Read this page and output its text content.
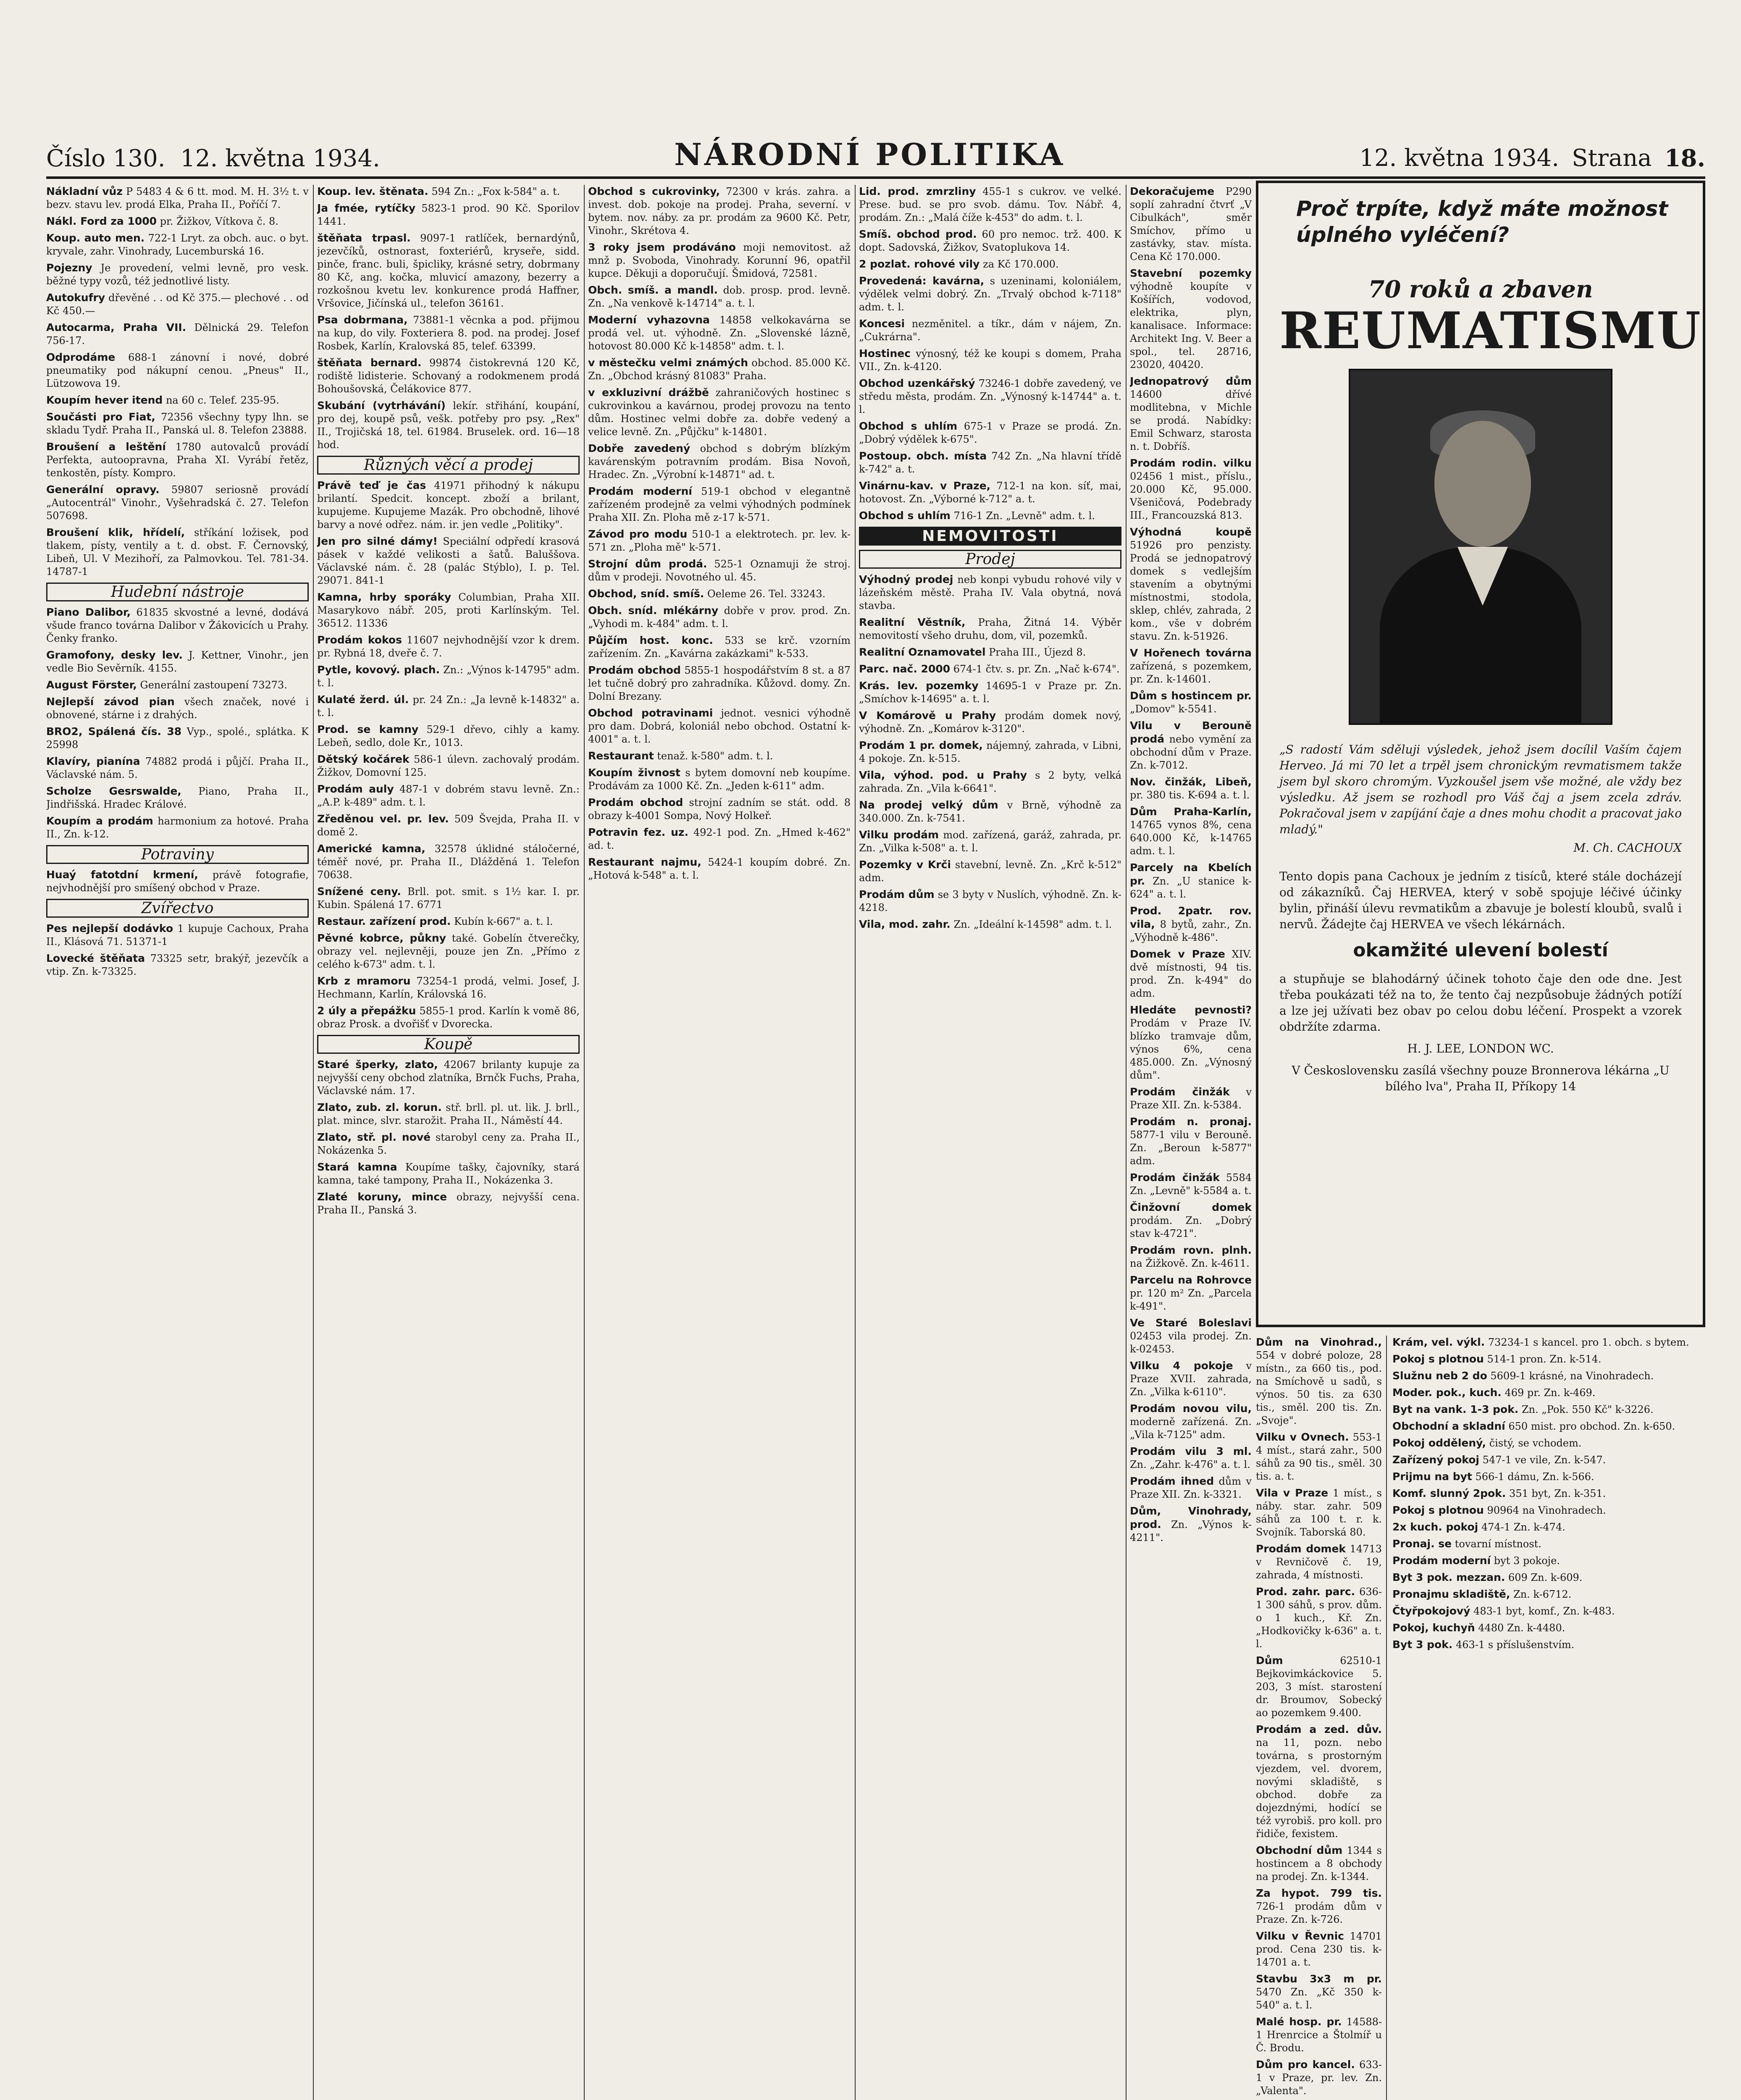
Číslo 130. 12. května 1934.	NÁRODNÍ POLITIKA	12. května 1934. Strana 18.

Nákladní vůz P 5483 4 & 6 tt. mod. M. H. 3½ t. v bezv. stavu lev. prodá Elka, Praha II., Poříčí 7.

Nákl. Ford za 1000 pr. Žižkov, Vítkova č. 8.

Koup. auto men. 722-1 Lryt. za obch. auc. o byt. kryvale, zahr. Vinohrady, Lucemburská 16.

Pojezny Je provedení, velmi levně, pro vesk. běžné typy vozů, též jednotlivé listy.

Autokufry dřevěné . . od Kč 375.— plechové . . od Kč 450.—

Autocarma, Praha VII. Dělnická 29. Telefon 756-17.

Odprodáme 688-1 zánovní i nové, dobré pneumatiky pod nákupní cenou. „Pneus" II., Lützowova 19.

Koupím hever itend na 60 c. Telef. 235-95.

Součásti pro Fiat, 72356 všechny typy lhn. se skladu Tydř. Praha II., Panská ul. 8. Telefon 23888.

Broušení a leštění 1780 autovalců provádí Perfekta, autoopravna, Praha XI. Vyrábí řetěz, tenkostěn, písty. Kompro.

Generální opravy. 59807 seriosně provádí „Autocentrál" Vinohr., Vyšehradská č. 27. Telefon 507698.

Broušení klik, hřídelí, stříkání ložisek, pod tlakem, písty, ventily a t. d. obst. F. Černovský, Libeň, Ul. V Mezihoří, za Palmovkou. Tel. 781-34. 14787-1

Hudební nástroje

Piano Dalibor, 61835 skvostné a levné, dodává všude franco továrna Dalibor v Žákovicích u Prahy. Čenky franko.

Gramofony, desky lev. J. Kettner, Vinohr., jen vedle Bio Sevěrník. 4155.

August Förster, Generální zastoupení 73273.

Nejlepší závod pian všech značek, nové i obnovené, stárne i z drahých.

BRO2, Spálená čís. 38 Vyp., spolé., splátka. K 25998

Klavíry, pianína 74882 prodá i půjčí. Praha II., Václavské nám. 5.

Scholze Gesrswalde, Piano, Praha II., Jindřišská. Hradec Králové.

Koupím a prodám harmonium za hotové. Praha II., Zn. k-12.

Potraviny

Huaý fatotdní krmení, právě fotografie, nejvhodnější pro smíšený obchod v Praze.

Zvířectvo

Pes nejlepší dodávko 1 kupuje Cachoux, Praha II., Klásová 71. 51371-1

Lovecké štěňata 73325 setr, brakýř, jezevčík a vtip. Zn. k-73325.

Koup. lev. štěnata. 594 Zn.: „Fox k-584" a. t.

Ja fmée, rytíčky 5823-1 prod. 90 Kč. Sporilov 1441.

štěňata trpasl. 9097-1 ratlíček, bernardýnů, jezevčíků, ostnorast, foxteriérů, kryseře, sidd. pinče, franc. buli, špicliky, krásné setry, dobrmany 80 Kč, ang. kočka, mluvicí amazony, bezerry a rozkošnou kvetu lev. konkurence prodá Haffner, Vršovice, Jičínská ul., telefon 36161.

Psa dobrmana, 73881-1 věcnka a pod. přijmou na kup, do vily. Foxteriera 8. pod. na prodej. Josef Rosbek, Karlín, Kralovská 85, telef. 63399.

štěňata bernard. 99874 čistokrevná 120 Kč, rodiště lidisterie. Schovaný a rodokmenem prodá Bohoušovská, Čelákovice 877.

Skubání (vytrhávání) lekír. střihání, koupání, pro dej, koupě psů, vešk. potřeby pro psy. „Rex" II., Trojičská 18, tel. 61984. Bruselek. ord. 16—18 hod.

Různých věcí a prodej

Právě teď je čas 41971 přihodný k nákupu brilantí. Spedcit. koncept. zboží a brilant, kupujeme. Kupujeme Mazák. Pro obchodně, lihové barvy a nové odřez. nám. ir. jen vedle „Politiky".

Jen pro silné dámy! Speciální odpředí krasová pásek v každé velikosti a šatů. Baluššova. Václavské nám. č. 28 (palác Stýblo), I. p. Tel. 29071. 841-1

Kamna, hrby sporáky Columbian, Praha XII. Masarykovo nábř. 205, proti Karlínským. Tel. 36512. 11336

Prodám kokos 11607 nejvhodnější vzor k drem. pr. Rybná 18, dveře č. 7.

Pytle, kovový. plach. Zn.: „Výnos k-14795" adm. t. l.

Kulaté žerd. úl. pr. 24 Zn.: „Ja levně k-14832" a. t. l.

Prod. se kamny 529-1 dřevo, cihly a kamy. Lebeň, sedlo, dole Kr., 1013.

Dětský kočárek 586-1 úlevn. zachovalý prodám. Žižkov, Domovní 125.

Prodám auly 487-1 v dobrém stavu levně. Zn.: „A.P. k-489" adm. t. l.

Zředěnou vel. pr. lev. 509 Švejda, Praha II. v domě 2.

Americké kamna, 32578 úklidné stáločerné, téměř nové, pr. Praha II., Dlážděná 1. Telefon 70638.

Snížené ceny. Brll. pot. smit. s 1½ kar. I. pr. Kubin. Spálená 17. 6771

Restaur. zařízení prod. Kubín k-667" a. t. l.

Pěvné kobrce, půkny také. Gobelín čtverečky, obrazy vel. nejlevněji, pouze jen Zn. „Přímo z celého k-673" adm. t. l.

Krb z mramoru 73254-1 prodá, velmi. Josef, J. Hechmann, Karlín, Královská 16.

2 úly a přepážku 5855-1 prod. Karlín k vomě 86, obraz Prosk. a dvořišť v Dvorecka.

Koupě

Staré šperky, zlato, 42067 brilanty kupuje za nejvyšší ceny obchod zlatníka, Brnčk Fuchs, Praha, Václavské nám. 17.

Zlato, zub. zl. korun. stř. brll. pl. ut. lik. J. brll., plat. mince, slvr. starožit. Praha II., Náměstí 44.

Zlato, stř. pl. nové starobyl ceny za. Praha II., Nokázenka 5.

Stará kamna Koupíme tašky, čajovníky, stará kamna, také tampony, Praha II., Nokázenka 3.

Zlaté koruny, mince obrazy, nejvyšší cena. Praha II., Panská 3.

Obchod s cukrovinky, 72300 v krás. zahra. a invest. dob. pokoje na prodej. Praha, severní. v bytem. nov. náby. za pr. prodám za 9600 Kč. Petr, Vinohr., Skrétova 4.

3 roky jsem prodáváno moji nemovitost. až mnž p. Svoboda, Vinohrady. Korunní 96, opatřil kupce. Děkuji a doporučují. Šmidová, 72581.

Obch. smíš. a mandl. dob. prosp. prod. levně. Zn. „Na venkově k-14714" a. t. l.

Moderní vyhazovna 14858 velkokavárna se prodá vel. ut. výhodně. Zn. „Slovenské lázně, hotovost 80.000 Kč k-14858" adm. t. l.

v městečku velmi známých obchod. 85.000 Kč. Zn. „Obchod krásný 81083" Praha.

v exkluzivní drážbě zahraničových hostinec s cukrovinkou a kavárnou, prodej provozu na tento dům. Hostinec velmi dobře za. dobře vedený a velice levně. Zn. „Půjčku" k-14801.

Dobře zavedený obchod s dobrým blízkým kavárenským potravním prodám. Bisa Novoň, Hradec. Zn. „Výrobní k-14871" ad. t.

Prodám moderní 519-1 obchod v elegantně zařízeném prodejně za velmi výhodných podmínek Praha XII. Zn. Ploha mě z-17 k-571.

Závod pro modu 510-1 a elektrotech. pr. lev. k-571 zn. „Ploha mě" k-571.

Strojní dům prodá. 525-1 Oznamuji že stroj. dům v prodeji. Novotného ul. 45.

Obchod, sníd. smíš. Oeleme 26. Tel. 33243.

Obch. sníd. mlékárny dobře v prov. prod. Zn. „Vyhodi m. k-484" adm. t. l.

Půjčím host. konc. 533 se krč. vzorním zařízením. Zn. „Kavárna zakázkami" k-533.

Prodám obchod 5855-1 hospodářstvím 8 st. a 87 let tučně dobrý pro zahradníka. Kůžovd. domy. Zn. Dolní Brezany.

Obchod potravinami jednot. vesnici výhodně pro dam. Dobrá, koloniál nebo obchod. Ostatní k-4001" a. t. l.

Restaurant tenaž. k-580" adm. t. l.

Koupím živnost s bytem domovní neb koupíme. Prodávám za 1000 Kč. Zn. „Jeden k-611" adm.

Prodám obchod strojní zadním se stát. odd. 8 obrazy k-4001 Sompa, Nový Holkeř.

Potravin fez. uz. 492-1 pod. Zn. „Hmed k-462" ad. t.

Restaurant najmu, 5424-1 koupím dobré. Zn. „Hotová k-548" a. t. l.

Lid. prod. zmrzliny 455-1 s cukrov. ve velké. Prese. bud. se pro svob. dámu. Tov. Nábř. 4, prodám. Zn.: „Malá číže k-453" do adm. t. l.

Smíš. obchod prod. 60 pro nemoc. trž. 400. K dopt. Sadovská, Žižkov, Svatoplukova 14.

2 pozlat. rohové vily za Kč 170.000.

Provedená: kavárna, s uzeninami, koloniálem, výdělek velmi dobrý. Zn. „Trvalý obchod k-7118" adm. t. l.

Koncesi nezměnitel. a tíkr., dám v nájem, Zn. „Cukrárna".

Hostinec výnosný, též ke koupi s domem, Praha VII., Zn. k-4120.

Obchod uzenkářský 73246-1 dobře zavedený, ve středu města, prodám. Zn. „Výnosný k-14744" a. t. l.

Obchod s uhlím 675-1 v Praze se prodá. Zn. „Dobrý výdělek k-675".

Postoup. obch. místa 742 Zn. „Na hlavní třídě k-742" a. t.

Vinárnu-kav. v Praze, 712-1 na kon. síť, mai, hotovost. Zn. „Výborné k-712" a. t.

Obchod s uhlím 716-1 Zn. „Levně" adm. t. l.

NEMOVITOSTI
Prodej

Výhodný prodej neb konpi vybudu rohové vily v lázeňském městě. Praha IV. Vala obytná, nová stavba.

Realitní Věstník, Praha, Žitná 14. Výběr nemovitostí všeho druhu, dom, vil, pozemků.

Realitní Oznamovatel Praha III., Újezd 8.

Parc. nač. 2000 674-1 čtv. s. pr. Zn. „Nač k-674".

Krás. lev. pozemky 14695-1 v Praze pr. Zn. „Smíchov k-14695" a. t. l.

V Komárově u Prahy prodám domek nový, výhodně. Zn. „Komárov k-3120".

Prodám 1 pr. domek, nájemný, zahrada, v Libni, 4 pokoje. Zn. k-515.

Vila, výhod. pod. u Prahy s 2 byty, velká zahrada. Zn. „Vila k-6641".

Na prodej velký dům v Brně, výhodně za 340.000. Zn. k-7541.

Vilku prodám mod. zařízená, garáž, zahrada, pr. Zn. „Vilka k-508" a. t. l.

Pozemky v Krči stavební, levně. Zn. „Krč k-512" adm.

Prodám dům se 3 byty v Nuslích, výhodně. Zn. k-4218.

Vila, mod. zahr. Zn. „Ideální k-14598" adm. t. l.

Dekoračujeme P290 soplí zahradní čtvrť „V Cibulkách", směr Smíchov, přímo u zastávky, stav. místa. Cena Kč 170.000.

Stavební pozemky výhodně koupíte v Košířích, vodovod, elektrika, plyn, kanalisace. Informace: Architekt Ing. V. Beer a spol., tel. 28716, 23020, 40420.

Jednopatrový dům 14600 dřívé modlitebna, v Michle se prodá. Nabídky: Emil Schwarz, starosta n. t. Dobříš.

Prodám rodin. vilku 02456 1 mist., příslu., 20.000 Kč, 95.000. Všeničová, Podebrady III., Francouzská 813.

Výhodná koupě 51926 pro penzisty. Prodá se jednopatrový domek s vedlejším stavením a obytnými místnostmi, stodola, sklep, chlév, zahrada, 2 kom., vše v dobrém stavu. Zn. k-51926.

V Hořenech továrna zařízená, s pozemkem, pr. Zn. k-14601.

Dům s hostincem pr. „Domov" k-5541.

Vilu v Berouně prodá nebo vymění za obchodní dům v Praze. Zn. k-7012.

Nov. činžák, Libeň, pr. 380 tis. K-694 a. t. l.

Dům Praha-Karlín, 14765 vynos 8%, cena 640.000 Kč, k-14765 adm. t. l.

Parcely na Kbelích pr. Zn. „U stanice k-624" a. t. l.

Prod. 2patr. rov. vila, 8 bytů, zahr., Zn. „Výhodně k-486".

Domek v Praze XIV. dvě místnosti, 94 tis. prod. Zn. k-494" do adm.

Hledáte pevnosti? Prodám v Praze IV. blízko tramvaje dům, výnos 6%, cena 485.000. Zn. „Výnosný dům".

Prodám činžák v Praze XII. Zn. k-5384.

Prodám n. pronaj. 5877-1 vilu v Berouně. Zn. „Beroun k-5877" adm.

Prodám činžák 5584 Zn. „Levně" k-5584 a. t.

Činžovní domek prodám. Zn. „Dobrý stav k-4721".

Prodám rovn. plnh. na Žižkově. Zn. k-4611.

Parcelu na Rohrovce pr. 120 m² Zn. „Parcela k-491".

Ve Staré Boleslavi 02453 vila prodej. Zn. k-02453.

Vilku 4 pokoje v Praze XVII. zahrada, Zn. „Vilka k-6110".

Prodám novou vilu, moderně zařízená. Zn. „Vila k-7125" adm.

Prodám vilu 3 ml. Zn. „Zahr. k-476" a. t. l.

Prodám ihned dům v Praze XII. Zn. k-3321.

Dům, Vinohrady, prod. Zn. „Výnos k-4211".

Proč trpíte, když máte možnost úplného vyléčení?
70 roků a zbaven
REUMATISMU
„S radostí Vám sděluji výsledek, jehož jsem docílil Vaším čajem Herveo. Já mi 70 let a trpěl jsem chronickým revmatismem takže jsem byl skoro chromým. Vyzkoušel jsem vše možné, ale vždy bez výsledku. Až jsem se rozhodl pro Váš čaj a jsem zcela zdráv. Pokračoval jsem v zapíjání čaje a dnes mohu chodit a pracovat jako mladý."
M. Ch. CACHOUX
Tento dopis pana Cachoux je jedním z tisíců, které stále docházejí od zákazníků. Čaj HERVEA, který v sobě spojuje léčivé účinky bylin, přináší úlevu revmatikům a zbavuje je bolestí kloubů, svalů i nervů. Žádejte čaj HERVEA ve všech lékárnách.
okamžité ulevení bolestí
a stupňuje se blahodárný účinek tohoto čaje den ode dne. Jest třeba poukázati též na to, že tento čaj nezpůsobuje žádných potíží a lze jej užívati bez obav po celou dobu léčení. Prospekt a vzorek obdržíte zdarma.
H. J. LEE, LONDON WC.
V Československu zasílá všechny pouze Bronnerova lékárna „U bílého lva", Praha II, Příkopy 14

Dům na Vinohrad., 554 v dobré poloze, 28 místn., za 660 tis., pod. na Smíchově u sadů, s výnos. 50 tis. za 630 tis., směl. 200 tis. Zn. „Svoje".

Vilku v Ovnech. 553-1 4 míst., stará zahr., 500 sáhů za 90 tis., směl. 30 tis. a. t.

Vila v Praze 1 míst., s náby. star. zahr. 509 sáhů za 100 t. r. k. Svojník. Taborská 80.

Prodám domek 14713 v Revničově č. 19, zahrada, 4 místnosti.

Prod. zahr. parc. 636-1 300 sáhů, s prov. dům. o 1 kuch., Kř. Zn. „Hodkovičky k-636" a. t. l.

Dům 62510-1 Bejkovimkáckovice 5. 203, 3 míst. starostení dr. Broumov, Sobecký ao pozemkem 9.400.

Prodám a zed. dův. na 11, pozn. nebo továrna, s prostorným vjezdem, vel. dvorem, novými skladiště, s obchod. dobře za dojezdnými, hodící se též vyrobiš. pro koll. pro řidiče, fexistem.

Obchodní dům 1344 s hostincem a 8 obchody na prodej. Zn. k-1344.

Za hypot. 799 tis. 726-1 prodám dům v Praze. Zn. k-726.

Vilku v Řevnic 14701 prod. Cena 230 tis. k-14701 a. t.

Stavbu 3x3 m pr. 5470 Zn. „Kč 350 k-540" a. t. l.

Malé hosp. pr. 14588-1 Hrenrcice a Štolmíř u Č. Brodu.

Dům pro kancel. 633-1 v Praze, pr. lev. Zn. „Valenta".

Krám, vel. výkl. 73234-1 s kancel. pro 1. obch. s bytem.

Pokoj s plotnou 514-1 pron. Zn. k-514.

Služnu neb 2 do 5609-1 krásné, na Vinohradech.

Moder. pok., kuch. 469 pr. Zn. k-469.

Byt na vank. 1-3 pok. Zn. „Pok. 550 Kč" k-3226.

Obchodní a skladní 650 mist. pro obchod. Zn. k-650.

Pokoj oddělený, čistý, se vchodem.

Zařízený pokoj 547-1 ve vile, Zn. k-547.

Prijmu na byt 566-1 dámu, Zn. k-566.

Komf. slunný 2pok. 351 byt, Zn. k-351.

Pokoj s plotnou 90964 na Vinohradech.

2x kuch. pokoj 474-1 Zn. k-474.

Pronaj. se tovarní místnost.

Prodám moderní byt 3 pokoje.

Byt 3 pok. mezzan. 609 Zn. k-609.

Pronajmu skladiště, Zn. k-6712.

Čtyřpokojový 483-1 byt, komf., Zn. k-483.

Pokoj, kuchyň 4480 Zn. k-4480.

Byt 3 pok. 463-1 s příslušenstvím.
